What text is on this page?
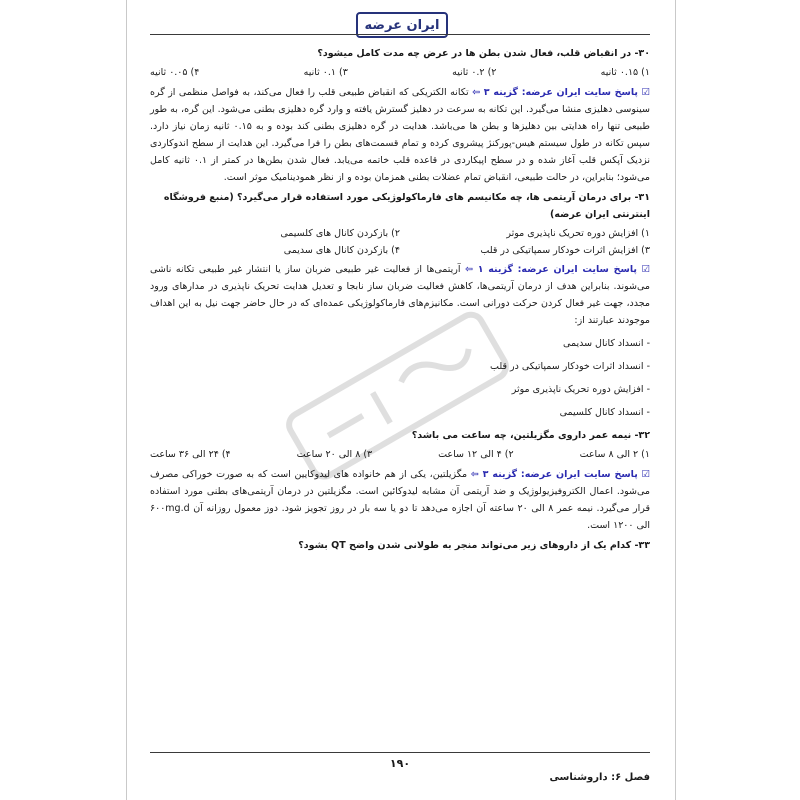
ایران عرضه
۳۰- در انقباض قلب، فعال شدن بطن ها در عرض چه مدت کامل میشود؟
۱) ۰.۱۵ ثانیه
۲) ۰.۲ ثانیه
۳) ۰.۱ ثانیه
۴) ۰.۰۵ ثانیه
☑ پاسخ سایت ایران عرضه: گزینه ۳ ⇦ تکانه الکتریکی که انقباض طبیعی قلب را فعال می‌کند، به فواصل منظمی از گره سینوسی دهلیزی منشا می‌گیرد. این تکانه به سرعت در دهلیز گسترش یافته و وارد گره دهلیزی بطنی می‌شود. این گره، به طور طبیعی تنها راه هدایتی بین دهلیزها و بطن ها می‌باشد. هدایت در گره دهلیزی بطنی کند بوده و به ۰.۱۵ ثانیه زمان نیاز دارد. سپس تکانه در طول سیستم هیس-پورکنژ پیشروی کرده و تمام قسمت‌های بطن را فرا می‌گیرد. این هدایت از سطح اندوکاردی نزدیک آپکس قلب آغاز شده و در سطح اپیکاردی در قاعده قلب خاتمه می‌یابد. فعال شدن بطن‌ها در کمتر از ۰.۱ ثانیه کامل می‌شود؛ بنابراین، در حالت طبیعی، انقباض تمام عضلات بطنی همزمان بوده و از نظر همودینامیک موثر است.
۳۱- برای درمان آریتمی ها، چه مکانیسم های فارماکولوژیکی مورد استفاده قرار می‌گیرد؟ (منبع فروشگاه اینترنتی ایران عرضه)
۱) افزایش دوره تحریک ناپذیری موثر
۲) بازکردن کانال های کلسیمی
۳) افزایش اثرات خودکار سمپاتیکی در قلب
۴) بازکردن کانال های سدیمی
☑ پاسخ سایت ایران عرضه: گزینه ۱ ⇦ آریتمی‌ها از فعالیت غیر طبیعی ضربان ساز یا انتشار غیر طبیعی تکانه ناشی می‌شوند. بنابراین هدف از درمان آریتمی‌ها، کاهش فعالیت ضربان ساز نابجا و تعدیل هدایت تحریک ناپذیری در مدارهای ورود مجدد، جهت غیر فعال کردن حرکت دورانی است. مکانیزم‌های فارماکولوژیکی عمده‌ای که در حال حاضر جهت نیل به این اهداف موجودند عبارتند از:
- انسداد کانال سدیمی
- انسداد اثرات خودکار سمپاتیکی در قلب
- افزایش دوره تحریک ناپذیری موثر
- انسداد کانال کلسیمی
۳۲- نیمه عمر داروی مگزیلتین، چه ساعت می باشد؟
۱) ۲ الی ۸ ساعت
۲) ۴ الی ۱۲ ساعت
۳) ۸ الی ۲۰ ساعت
۴) ۲۴ الی ۳۶ ساعت
☑ پاسخ سایت ایران عرضه: گزینه ۳ ⇦ مگزیلتین، یکی از هم خانواده های لیدوکایین است که به صورت خوراکی مصرف می‌شود. اعمال الکتروفیزیولوژیک و ضد آریتمی آن مشابه لیدوکائین است. مگزیلتین در درمان آریتمی‌های بطنی مورد استفاده قرار می‌گیرد. نیمه عمر ۸ الی ۲۰ ساعته آن اجازه می‌دهد تا دو یا سه بار در روز تجویز شود. دوز معمول روزانه آن ۶۰۰mg.d الی ۱۲۰۰ است.
۳۳- کدام یک از داروهای زیر می‌تواند منجر به طولانی شدن واضح QT بشود؟
۱۹۰
فصل ۶: داروشناسی
